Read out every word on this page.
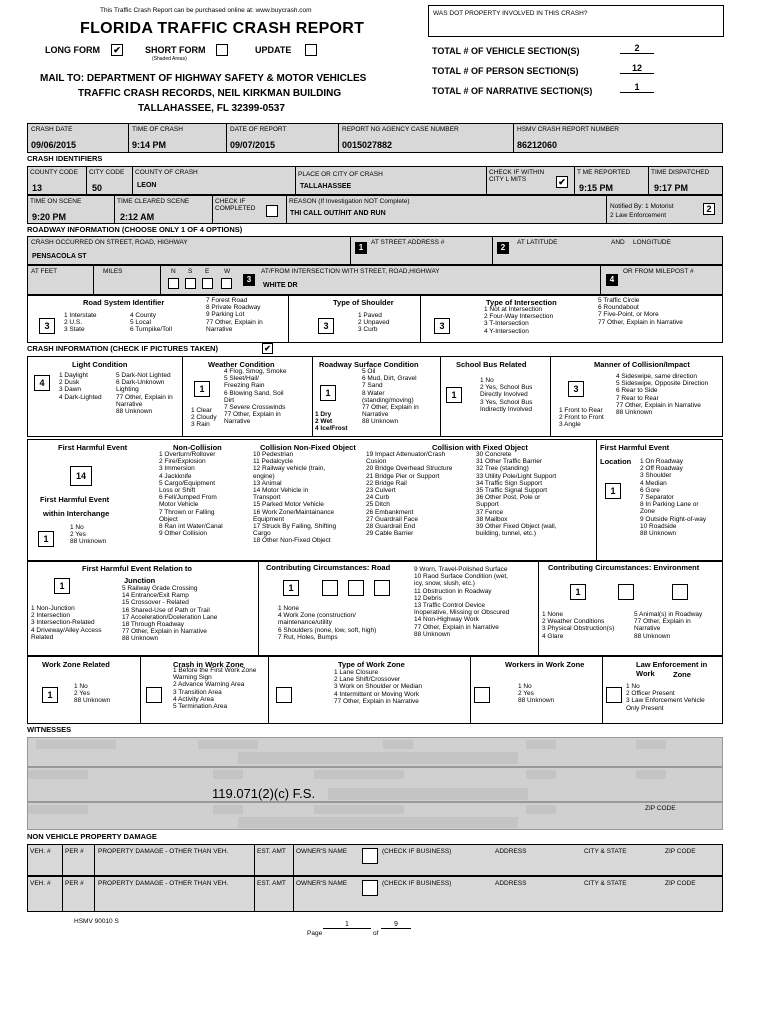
This Traffic Crash Report can be purchased online at: www.buycrash.com
FLORIDA TRAFFIC CRASH REPORT
LONG FORM ✔	SHORT FORM
(Shaded Areas)
UPDATE
MAIL TO: DEPARTMENT OF HIGHWAY SAFETY & MOTOR VEHICLES
TRAFFIC CRASH RECORDS, NEIL KIRKMAN BUILDING
TALLAHASSEE, FL 32399-0537
WAS DOT PROPERTY INVOLVED IN THIS CRASH?
TOTAL # OF VEHICLE SECTION(S)	2
TOTAL # OF PERSON SECTION(S)	12
TOTAL # OF NARRATIVE SECTION(S)	1
CRASH DATE
09/06/2015
TIME OF CRASH
9:14 PM
DATE OF REPORT
09/07/2015
REPORT NG AGENCY CASE NUMBER
0015027882
HSMV CRASH REPORT NUMBER
86212060
CRASH IDENTIFIERS
COUNTY CODE
13
CITY CODE
50
COUNTY OF CRASH
LEON
PLACE OR CITY OF CRASH
TALLAHASSEE
CHECK IF WITHIN CITY L MITS	✔
T ME REPORTED
9:15 PM
TIME DISPATCHED
9:17 PM
TIME ON SCENE
9:20 PM
TIME CLEARED SCENE
2:12 AM
CHECK IF COMPLETED
REASON (If Investigation NOT Complete)
THI CALL OUT/HIT AND RUN
Notified By: 1 Motorist
2 Law Enforcement
2
ROADWAY INFORMATION (CHOOSE ONLY 1 OF 4 OPTIONS)
CRASH OCCURRED ON STREET, ROAD, HIGHWAY
PENSACOLA ST
1
AT STREET ADDRESS #
2
AT LATITUDE	AND LONGITUDE
AT FEET	MILES	N S E W
3
AT/FROM INTERSECTION WITH STREET, ROAD,HIGHWAY
WHITE DR
4
OR FROM MILEPOST #
Road System Identifier
3
1 Interstate
2 U.S.
3 State
4 County
5 Local
6 Turnpike/Toll
7 Forest Road
8 Private Roadway
9 Parking Lot
77 Other, Explain in
Narrative
Type of Shoulder
3
1 Paved
2 Unpaved
3 Curb
Type of Intersection
3
1 Not at Intersection
2 Four-Way Intersection
3 T-Intersection
4 Y-Intersection
5 Traffic Circle
6 Roundabout
7 Five-Point, or More
77 Other, Explain in Narrative
CRASH INFORMATION (CHECK IF PICTURES TAKEN)	✔
Light Condition
4
1 Daylight
2 Dusk
3 Dawn
4 Dark-Lighted
5 Dark-Not Lighted
6 Dark-Unknown
Lighting
77 Other, Explain in
Narrative
88 Unknown
Weather Condition
1
1 Clear
2 Cloudy
3 Rain
4 Flog, Smog, Smoke
5 Sleet/Hail/
Freezing Rain
6 Blowing Sand, Soil
Dirt
7 Severe Crosswinds
77 Other, Explain in
Narrative
Roadway Surface Condition
1
1 Dry
2 Wet
4 Ice/Frost
5 Oil
6 Mud, Dirt, Gravel
7 Sand
8 Water
(standing/moving)
77 Other, Explain in
Narrative
88 Unknown
School Bus Related
1
1 No
2 Yes, School Bus
Directly Involved
3 Yes, School Bus
Indirectly Involved
Manner of Collision/Impact
3
1 Front to Rear
2 Front to Front
3 Angle
4 Sideswipe, same direction
5 Sideswipe, Opposite Direction
6 Rear to Side
7 Rear to Rear
77 Other, Explain in Narrative
88 Unknown
First Harmful Event
14
First Harmful Event
within Interchange
1
1 No
2 Yes
88 Unknown
Non-Collision
1 Overturn/Rollover
2 Fire/Explosion
3 Immersion
4 Jackknife
5 Cargo/Equipment
Loss or Shift
6 Fell/Jumped From
Motor Vehicle
7 Thrown or Falling
Object
8 Ran int Water/Canal
9 Other Collision
Collision Non-Fixed Object
10 Pedestrian
11 Pedalcycle
12 Railway vehicle (train,
engine)
13 Animal
14 Motor Vehicle in
Transport
15 Parked Motor Vehicle
16 Work Zone/Maintainance
Equipment
17 Struck By Falling, Shifting
Cargo
18 Other Non-Fixed Object
Collision with Fixed Object
19 Impact Attenuator/Crash
Cusion
20 Bridge Overhead Structure
21 Bridge Pier or Support
22 Bridge Rail
23 Culvert
24 Curb
25 Ditch
26 Embankment
27 Guardrail Face
28 Guardrail End
29 Cable Barrier
30 Concrete
31 Other Traffic Barrier
32 Tree (standing)
33 Utility Pole/Light Support
34 Traffic Sign Support
35 Traffic Signal Support
36 Other Post, Pole or
Support
37 Fence
38 Mailbox
39 Other Fixed Object (wall,
building, tunnel, etc.)
First Harmful Event
Location
1
1 On Roadway
2 Off Roadway
3 Shoulder
4 Median
6 Gore
7 Separator
8 In Parking Lane or
Zone
9 Outside Right-of-way
10 Roadside
88 Unknown
First Harmful Event Relation to
Junction
1
1 Non-Junction
2 Intersection
3 Intersection-Related
4 Driveway/Alley Access
Related
5 Railway Grade Crossing
14 Entrance/Exit Ramp
15 Crossover - Related
16 Shared-Use of Path or Trail
17 Acceleration/Dceleration Lane
18 Through Roadway
77 Other, Explain in Narrative
88 Unknown
Contributing Circumstances: Road
1
1 None
4 Work Zone (construction/
maintenance/utility
6 Shoulders (none, low, soft, high)
7 Rut, Holes, Bumps
9 Worn, Travel-Polished Surface
10 Raod Surface Condition (wet,
icy, snow, slush, etc.)
11 Obstruction in Roadway
12 Debris
13 Traffic Control Device
Inoperative, Missing or Obscured
14 Non-Highway Work
77 Other, Explain in Narrative
88 Unknown
Contributing Circumstances: Environment
1
1 None
2 Weather Conditions
3 Physical Obstruction(s)
4 Glare
5 Animal(s) in Roadway
77 Other, Explain in
Narrative
88 Unknown
Work Zone Related
1
1 No
2 Yes
88 Unknown
Crash in Work Zone
1 Before the First Work Zone
Warning Sign
2 Advance Warning Area
3 Transition Area
4 Activity Area
5 Termination Area
Type of Work Zone
1 Lane Closure
2 Lane Shift/Crossover
3 Work on Shoulder or Median
4 Intermittent or Moving Work
77 Other, Explain in Narrative
Workers in Work Zone
1 No
2 Yes
88 Unknown
Law Enforcement in Work	Zone
1 No
2 Officer Present
3 Law Enforcement Vehicle
Only Present
WITNESSES
119.071(2)(c) F.S.
ZIP CODE
NON VEHICLE PROPERTY DAMAGE
VEH. # PER # PROPERTY DAMAGE - OTHER THAN VEH.	EST. AMT OWNER'S NAME	(CHECK IF BUSINESS)	ADDRESS	CITY & STATE	ZIP CODE
VEH. # PER # PROPERTY DAMAGE - OTHER THAN VEH.	EST. AMT OWNER'S NAME	(CHECK IF BUSINESS)	ADDRESS	CITY & STATE	ZIP CODE
HSMV 90010 S
Page
1
of
9
